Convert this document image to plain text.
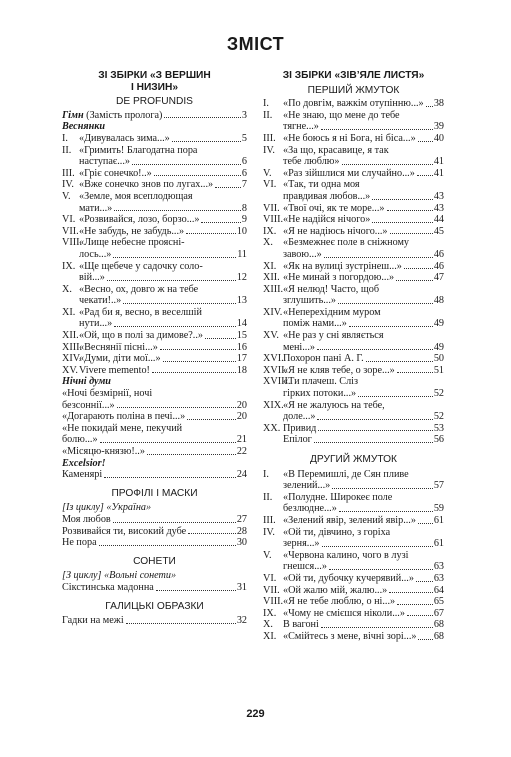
ЗМІСТ
ЗІ ЗБІРКИ «З ВЕРШИН
І НИЗИН»
DE PROFUNDIS
Гімн (Замість пролога)	3
Веснянки
I.	«Дивувалась зима...»	5
II. «Гримить! Благодатна пора
наступає...»	6
III. «Гріє сонечко!..»	6
IV. «Вже сонечко знов по лугах...»	7
V. «Земле, моя всеплодющая
мати...»	8
VI. «Розвивайся, лозо, борзо...»	9
VII. «Не забудь, не забудь...»	10
VIII.
«Лище небесне прояснi-
лось...»	11
IX. «Ще щебече у садочку соло-
вій...»	12
X. «Весно, ох, довго ж на тебе
чекати!..»	13
XI. «Рад би я, весно, в веселшій
нути...»	14
XII. «Ой, що в полі за димове?..»	15
XIII.
«Веснянії пісні...»	16
XIV.
«Думи, діти мої...»	17
XV. Vivere memento!	18
Нічні думи
«Ночі безмірнії, ночі
безсоннії...»	20
«Догарають поліна в печі...»	20
«Не покидай мене, пекучий
болю...»	21
«Місяцю-князю!..»	22
Excelsior!
Каменярі	24
ПРОФІЛІ І МАСКИ
[Із циклу] «Україна»
Моя любов	27
Розвивайся ти, високий дубе	28
Не пора	30
СОНЕТИ
[З циклу] «Вольні сонети»
Сікстинська мадонна	31
ГАЛИЦЬКІ ОБРАЗКИ
Гадки на межі	32
ЗІ ЗБІРКИ «ЗІВ’ЯЛЕ ЛИСТЯ»
ПЕРШИЙ ЖМУТОК
I.	«По довгім, важкім отупінню...» 38
II.	«Не знаю, що мене до тебе
тягне...»	39
III. «Не боюсь я ні Бога, ні біса...» 40
IV. «За що, красавице, я так
тебе люблю»	41
V.	«Раз зійшлися ми случайно...» 41
VI. «Так, ти одна моя
правдивая любов...»	43
VII. «Твої очі, як те море...»	43
VIII. «Не надійся нічого»	44
IX. «Я не надіюсь нічого...»	45
X. «Безмежнеє поле в сніжному
завою...»	46
XI. «Як на вулиці зустрінеш...»	46
XII. «Не минай з погордою...»	47
XIII. «Я нелюд! Часто, щоб
зглушить...»	48
XIV. «Непереxідним муром
поміж нами...»	49
XV. «Не раз у сні являється
мені...»	49
XVI. Похорон пані А. Г.	50
XVII.
«Я не кляв тебе, о зоре...»	51
XVIII.
«Ти плачеш. Сліз
гірких потоки...»	52
XIX. «Я не жалуюсь на тебе,
доле...»	52
XX. Привид	53
Епілог	56
ДРУГИЙ ЖМУТОК
I.	«В Перемишлі, де Сян пливе
зелений...»	57
II.	«Полудне. Широкеє поле
безлюдне...»	59
III. «Зелений явір, зелений явір...» 61
IV. «Ой ти, дівчино, з горіха
зерня...»	61
V.	«Червона калино, чого в лузі
гнешся...»	63
VI. «Ой ти, дубочку кучерявий...» 63
VII. «Ой жалю мій, жалю...»	64
VIII. «Я не тебе люблю, о ні...»	65
IX. «Чому не смієшся ніколи...»	67
X. В вагоні	68
XI. «Смійтесь з мене, вічні зорі...» 68
229
